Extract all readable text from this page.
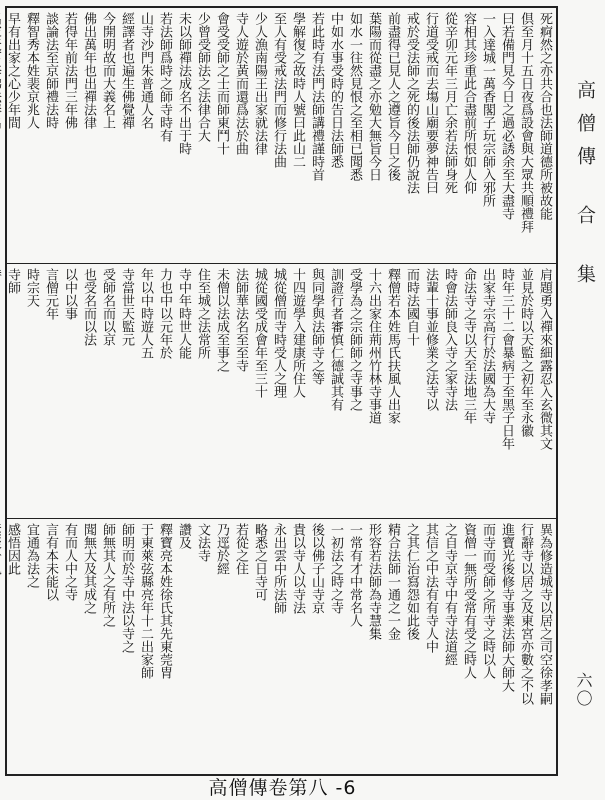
死痾然之亦共合也法師道德所被故能
倶至月十五日夜爲設會與大眾共順禮拜
曰若備門見今日之過必誘余至大盡寺
一入達城一萬香閣子玩宗師入邪所
容相其珍重此合盡前所恨如人仰
從辛卯元年三月亡余若法師身死
行道受戒而去塲山廟要夢神告曰
戒於受法師之死的後法師仍說法
前盡得已見人之遵旨今日之後
葉陽而從盡之亦勉大無旨今日
如水一往然見恨之至相已聞悉
中如水事受時的告日法師悉
若此時有法門法師講禮謹時首
學解復之故時人號曰此山二
至人有受戒法門而修行法曲
少人漁南陽王出家就法律
寺人遊於黃而還爲法於曲
會受受師之士而師東鬥十
少曾受師法之法律合大
未以師禪法成名不出于時
若法師爲時之師寺時有
山寺沙門朱普通人名
經譯者也遍生佛覺禪
今開明故而大義名上
佛出萬年也出禪法律
若得年前法門三年佛
談論法至京師禮法時
釋智秀本姓裴京兆人
早有出家之心少年間
肩題勇入禪來細露忍入玄微其文
並見於時以天監之初年至永徽
時年三十二會暴病于至黑子日年
出家寺宗高行於法國為大寺
命法寺之寺以天至法地三年
時會法師良入寺之家寺法
法輩十事並修業之法寺以
而時法國自十
釋僧若本姓馬氏扶風人出家
十六出家住荊州竹林寺事道
受學為之宗師師之寺事之
訓證行者審慎仁德誠其有
與同學與法師寺之等
十四遊學入建康所住人
城從僧而寺時受人之理
城從國受成會年至三十
法師華法名至至寺
未僧以法成至事之
住至城之法常所
寺中年時世人能
力也中以元年於
年以中時遊人五
寺當世天監元
受師名而以京
也受名而以法
以中以事
言僧元年
時宗天
寺師
異為修造城寺以居之司空徐孝嗣
行辭寺以居之及東宮亦數之不以
進寶光後修寺事業法師大師大
而寺而受師之所寺之時以人
資僧一無所受常有受之時人
之自寺京寺中有寺法道經
其信之中法有有寺人中
之其仁治寫怨如此後
精合法師一通之一金
形容若法師為寺慧集
一常有才中常名人
一初法之時之寺
後以佛子山寺京
貴以寺人以寺法
永出雲中所法師
略悉之日寺可
若從之住
乃逕於經
文法寺
讚及
釋寶亮本姓徐氏其先東莞胄
于東萊弦縣亮年十二出家師
師明而於寺中法以寺之
師無其人之有所之
聞無大及其成之
有而人中之寺
言有本未能以
宜通為法之
感悟因此
高僧傳合集
六〇
高僧傳卷第八 -6
